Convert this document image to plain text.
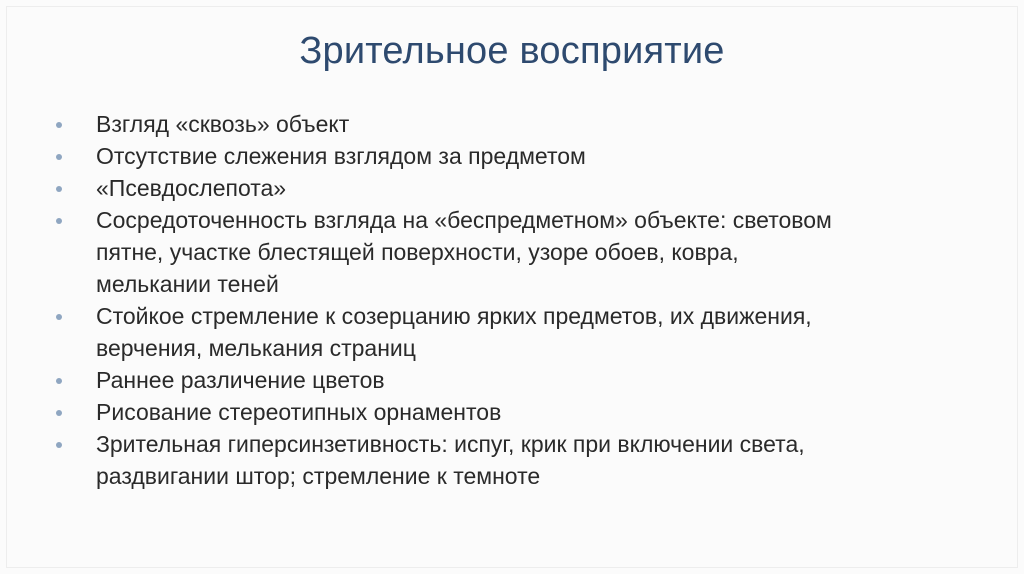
Зрительное восприятие
Взгляд «сквозь» объект
Отсутствие слежения взглядом за предметом
«Псевдослепота»
Сосредоточенность взгляда на «беспредметном» объекте: световом
пятне, участке блестящей поверхности, узоре обоев, ковра,
мелькании теней
Стойкое стремление к созерцанию ярких предметов, их движения,
верчения, мелькания страниц
Раннее различение цветов
Рисование стереотипных орнаментов
Зрительная гиперсинзетивность: испуг, крик при включении света,
раздвигании штор; стремление к темноте
